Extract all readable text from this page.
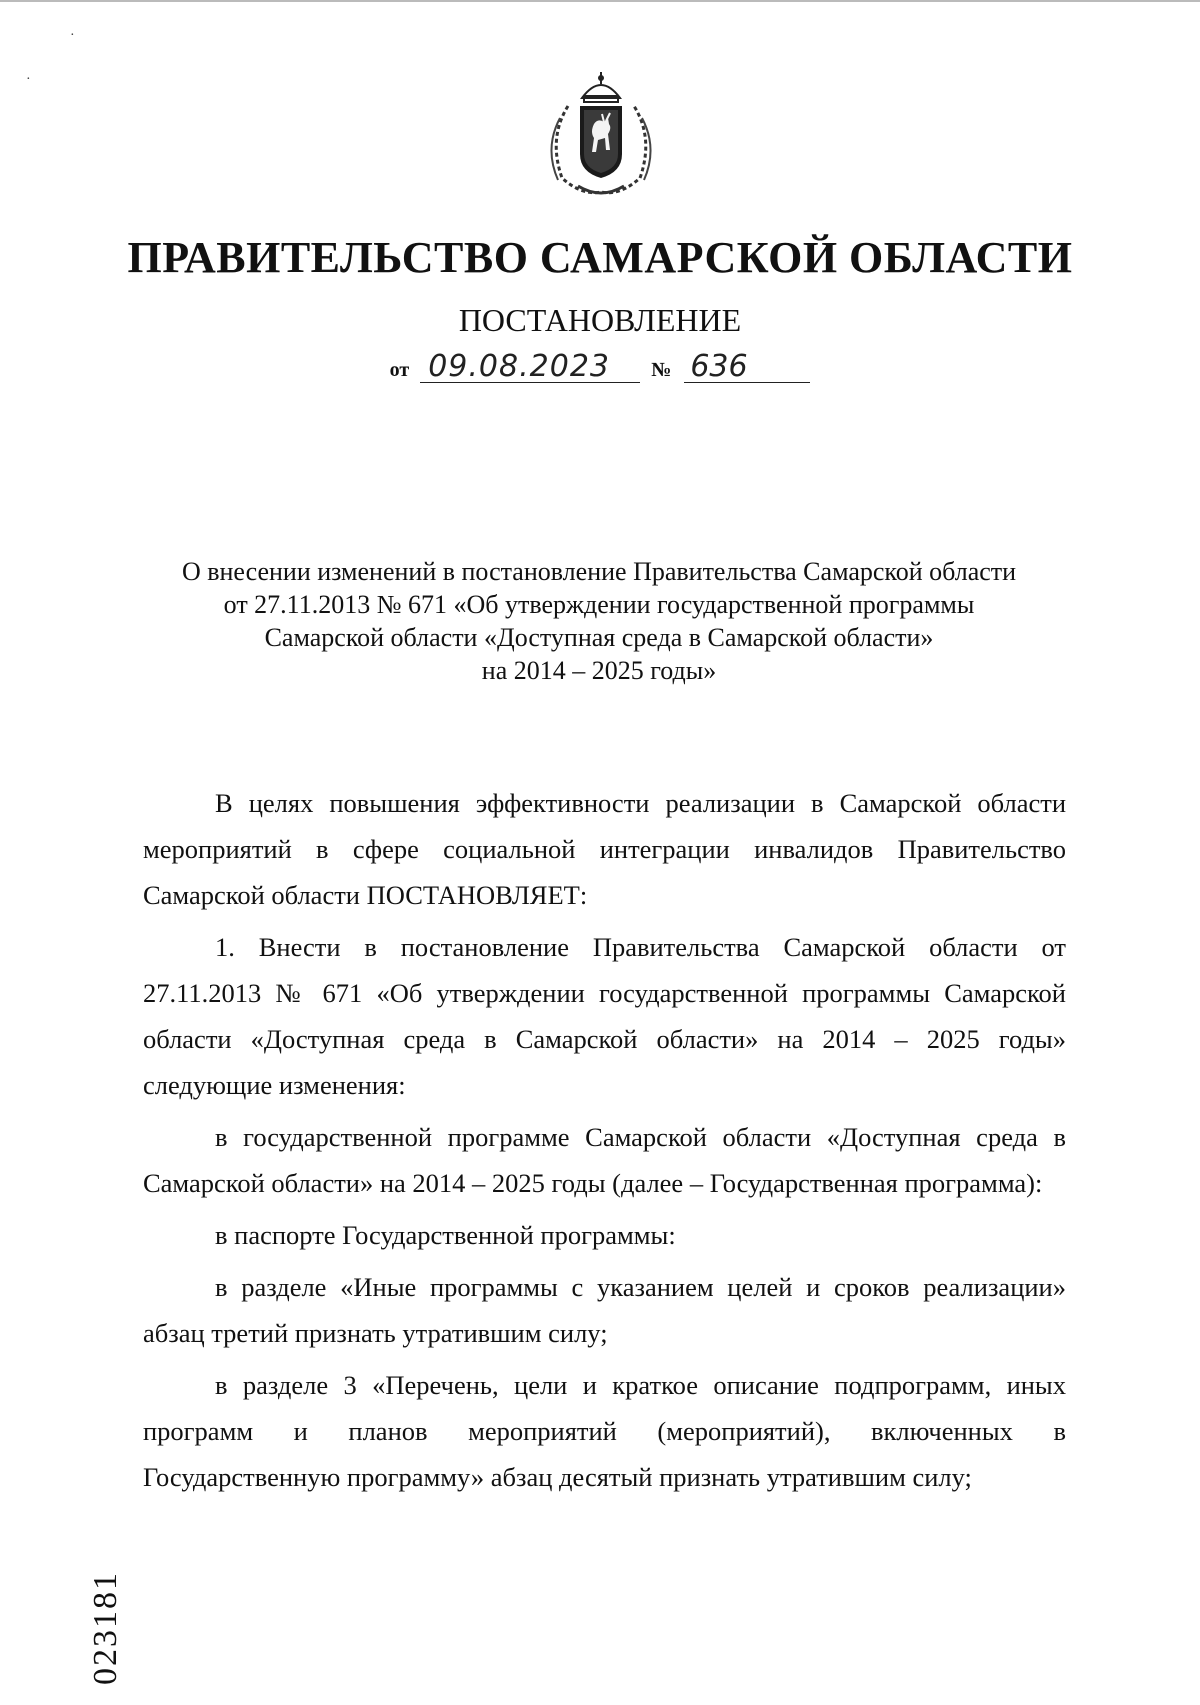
·
·
ПРАВИТЕЛЬСТВО САМАРСКОЙ ОБЛАСТИ
ПОСТАНОВЛЕНИЕ
от 09.08.2023 № 636
О внесении изменений в постановление Правительства Самарской области
от 27.11.2013 № 671 «Об утверждении государственной программы
Самарской области «Доступная среда в Самарской области»
на 2014 – 2025 годы»

В целях повышения эффективности реализации в Самарской области мероприятий в сфере социальной интеграции инвалидов Правительство Самарской области ПОСТАНОВЛЯЕТ:

1. Внести в постановление Правительства Самарской области от 27.11.2013 № 671 «Об утверждении государственной программы Самарской области «Доступная среда в Самарской области» на 2014 – 2025 годы» следующие изменения:

в государственной программе Самарской области «Доступная среда в Самарской области» на 2014 – 2025 годы (далее – Государственная программа):

в паспорте Государственной программы:

в разделе «Иные программы с указанием целей и сроков реализации» абзац третий признать утратившим силу;

в разделе 3 «Перечень, цели и краткое описание подпрограмм, иных программ и планов мероприятий (мероприятий), включенных в Государственную программу» абзац десятый признать утратившим силу;

023181
